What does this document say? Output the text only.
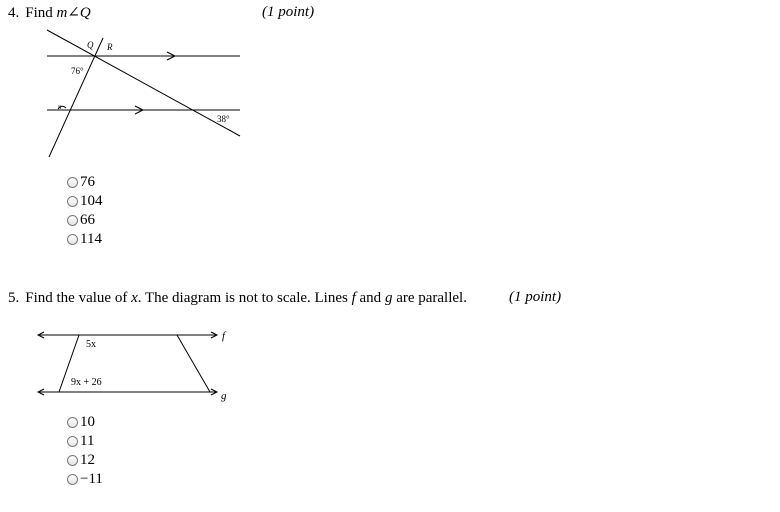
4. Find m∠Q	(1 point)
Q R
76°
38°
n
76
104
66
114
5. Find the value of x. The diagram is not to scale. Lines f and g are parallel.	(1 point)
5x
9x + 26
f
g
10
11
12
−11
